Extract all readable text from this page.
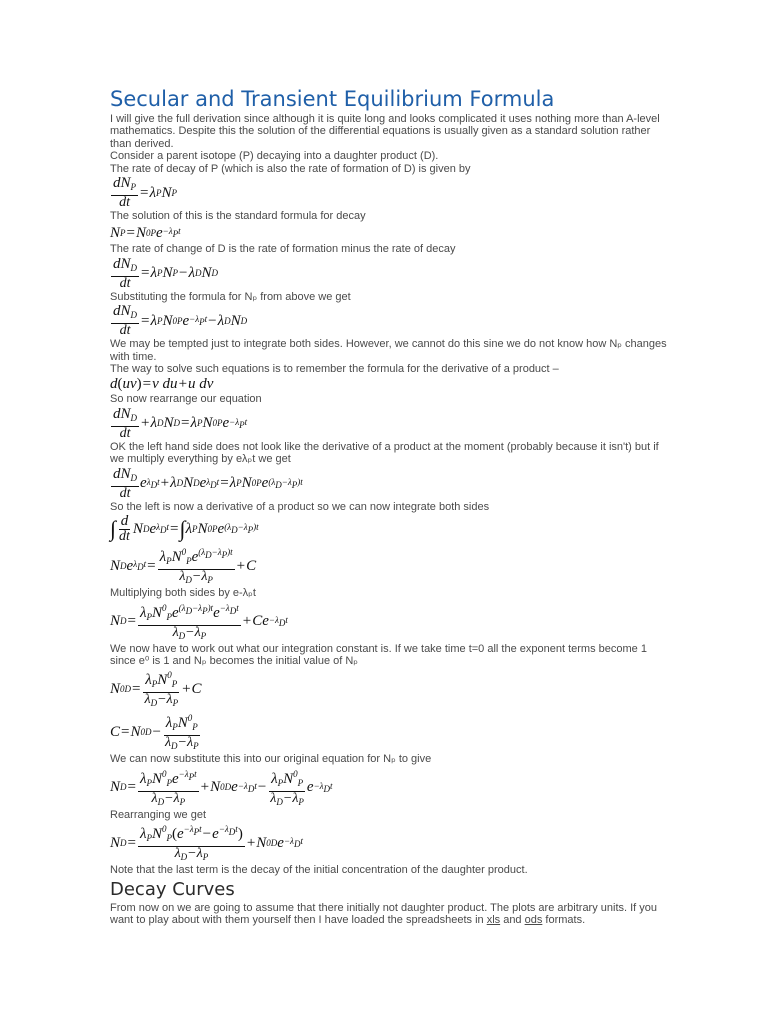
Secular and Transient Equilibrium Formula

I will give the full derivation since although it is quite long and looks complicated it uses nothing more than A-level mathematics. Despite this the solution of the differential equations is usually given as a standard solution rather than derived.

Consider a parent isotope (P) decaying into a daughter product (D).

The rate of decay of P (which is also the rate of formation of D) is given by

$\frac{dN_P}{dt} = \lambda$ P N P

The solution of this is the standard formula for decay

N P = N 0 P $e -\lambda_Pt$

The rate of change of D is the rate of formation minus the rate of decay

$\frac{dN_D}{dt} = \lambda$ P N P − λ D N D

Substituting the formula for Nₚ from above we get

$\frac{dN_D}{dt} = \lambda$ P N 0 P $e -\lambda_Pt - \lambda$ D N D

We may be tempted just to integrate both sides. However, we cannot do this sine we do not know how Nₚ changes with time.

The way to solve such equations is to remember the formula for the derivative of a product –

d ( uv ) = v du + u dv

So now rearrange our equation

$\frac{dN_D}{dt} + \lambda$ D N D = λ P N 0 P $e -\lambda_Pt$

OK the left hand side does not look like the derivative of a product at the moment (probably because it isn't) but if we multiply everything by eλₚt we get

$\frac{dN_D}{dt}$ e $\lambda_Dt + \lambda$ D N D e $\lambda_Dt = \lambda$ P N 0 P e $(\lambda_D-\lambda_P)t$

So the left is now a derivative of a product so we can now integrate both sides

∫ $\frac{d}{dt}$ N D e $\lambda_Dt$ = ∫ λ P N 0 P e $(\lambda_D-\lambda_P)t$
N D e $\lambda_Dt = \frac{\lambda_PN^0_Pe^{(\lambda_D-\lambda_P)t}}{\lambda_D-\lambda_P} + C$

Multiplying both sides by e-λₚt

N $D = \frac{\lambda_PN^0_Pe^{(\lambda_D-\lambda_P)t}e^{-\lambda_Dt}}{\lambda_D-\lambda_P} + Ce -\lambda_Dt$

We now have to work out what our integration constant is. If we take time t=0 all the exponent terms become 1 since e⁰ is 1 and Nₚ becomes the initial value of Nₚ

N 0 $D = \frac{\lambda_PN^0_P}{\lambda_D-\lambda_P} + C$
C = N 0 $D - \frac{\lambda_PN^0_P}{\lambda_D-\lambda_P}$

We can now substitute this into our original equation for Nₚ to give

N $D = \frac{\lambda_PN^0_Pe^{-\lambda_Pt}}{\lambda_D-\lambda_P} + N$ 0 D $e -\lambda_Dt - \frac{\lambda_PN^0_P}{\lambda_D-\lambda_P}$ $e -\lambda_Dt$

Rearranging we get

N $D = \frac{\lambda_PN^0_P(e^{-\lambda_Pt}-e^{-\lambda_Dt})}{\lambda_D-\lambda_P} + N$ 0 D $e -\lambda_Dt$

Note that the last term is the decay of the initial concentration of the daughter product.

Decay Curves

From now on we are going to assume that there initially not daughter product. The plots are arbitrary units. If you want to play about with them yourself then I have loaded the spreadsheets in xls and ods formats.
